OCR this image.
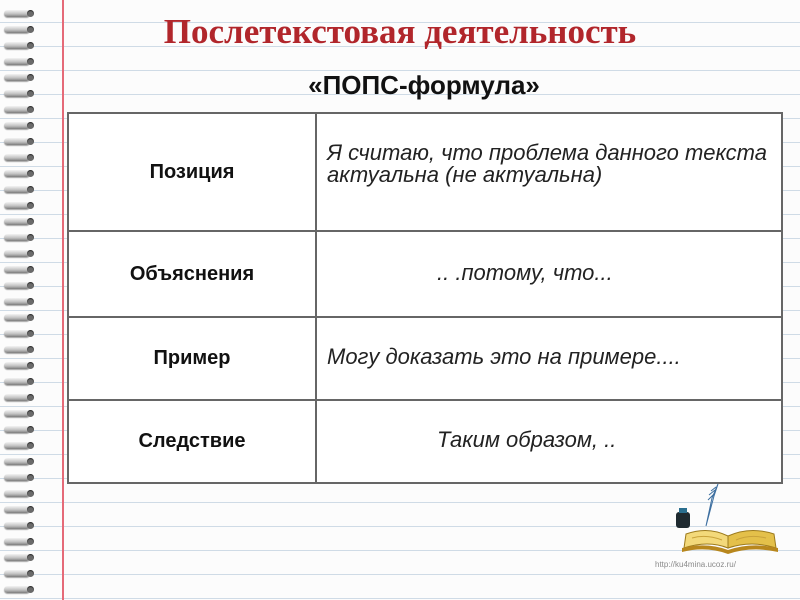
Послетекстовая деятельность
«ПОПС-формула»
Позиция	Я считаю, что проблема данного текста актуальна (не актуальна)

Объяснения	.. .потому, что...

Пример	Могу доказать это на примере....

Следствие	Таким образом, ..

http://ku4mina.ucoz.ru/
